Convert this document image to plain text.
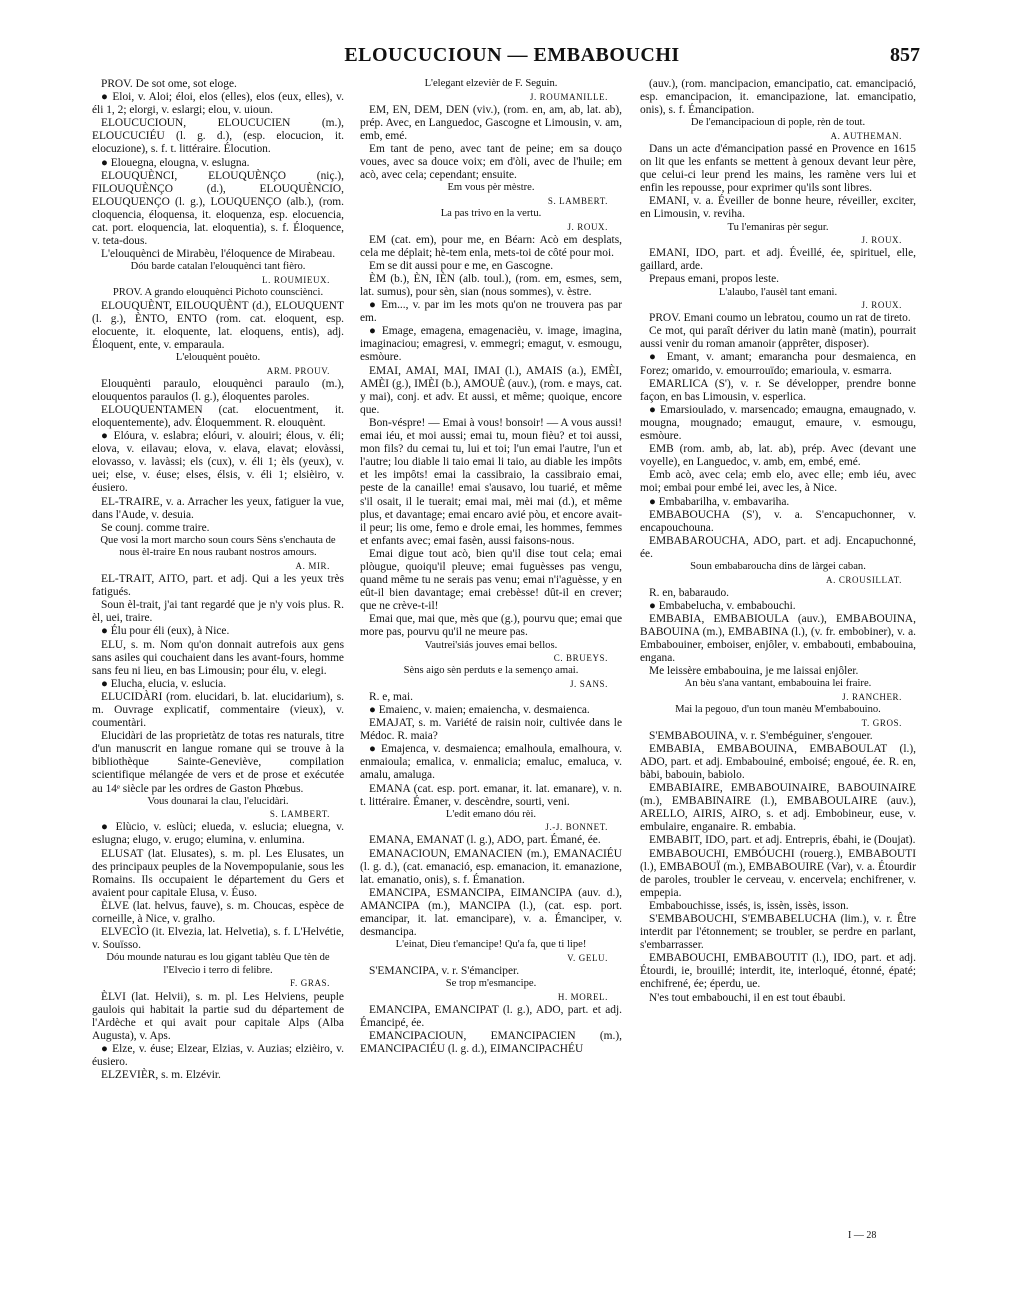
ELOUCUCIOUN — EMBABOUCHI	857

PROV. De sot ome, sot eloge.

● Eloi, v. Aloi; éloi, elos (elles), elos (eux, elles), v. éli 1, 2; elorgi, v. eslargi; elou, v. uioun.

ELOUCUCIOUN, ELOUCUCIEN (m.), ELOUCUCIÉU (l. g. d.), (esp. elocucion, it. elocuzione), s. f. t. littéraire. Élocution.

● Elouegna, elougna, v. eslugna.

ELOUQUÈNCI, ELOUQUÈNÇO (niç.), FILOUQUÈNÇO (d.), ELOUQUÈNCIO, ELOUQUENÇO (l. g.), LOUQUENÇO (alb.), (rom. cloquencia, éloquensa, it. eloquenza, esp. elocuencia, cat. port. eloquencia, lat. eloquentia), s. f. Éloquence, v. teta-dous.

L'elouquènci de Mirabèu, l'éloquence de Mirabeau.

Dóu barde catalan l'elouquènci tant fièro.

L. ROUMIEUX.

PROV. A grando elouquènci Pichoto counsciènci.

ELOUQUÈNT, EILOUQUÈNT (d.), ELOUQUENT (l. g.), ÈNTO, ENTO (rom. cat. eloquent, esp. elocuente, it. eloquente, lat. eloquens, entis), adj. Éloquent, ente, v. emparaula.

L'elouquènt pouèto.

ARM. PROUV.

Elouquènti paraulo, elouquènci paraulo (m.), elouquentos paraulos (l. g.), éloquentes paroles.

ELOUQUENTAMEN (cat. elocuentment, it. eloquentemente), adv. Éloquemment. R. elouquènt.

● Elóura, v. eslabra; elóuri, v. alouiri; élous, v. éli; elova, v. eilavau; elova, v. elava, elavat; elovàssi, elovasso, v. lavàssi; els (cux), v. éli 1; èls (yeux), v. uei; else, v. éuse; elses, élsis, v. éli 1; elsièiro, v. éusiero.

EL-TRAIRE, v. a. Arracher les yeux, fatiguer la vue, dans l'Aude, v. desuia.

Se counj. comme traire.

Que vosi la mort marcho soun cours Sèns s'enchauta de nous èl-traire En nous raubant nostros amours.

A. MIR.

EL-TRAIT, AITO, part. et adj. Qui a les yeux très fatigués.

Soun èl-trait, j'ai tant regardé que je n'y vois plus. R. èl, uei, traire.

● Élu pour éli (eux), à Nice.

ELU, s. m. Nom qu'on donnait autrefois aux gens sans asiles qui couchaient dans les avant-fours, homme sans feu ni lieu, en bas Limousin; pour élu, v. elegi.

● Elucha, elucia, v. esluciа.

ELUCIDÀRI (rom. elucidari, b. lat. elucidarium), s. m. Ouvrage explicatif, commentaire (vieux), v. coumentàri.

Elucidàri de las proprietàtz de totas res naturals, titre d'un manuscrit en langue romane qui se trouve à la bibliothèque Sainte-Geneviève, compilation scientifique mélangée de vers et de prose et exécutée au 14ᵉ siècle par les ordres de Gaston Phœbus.

Vous dounarai la clau, l'elucidàri.

S. LAMBERT.

● Elùcio, v. eslùci; elueda, v. esluciа; eluegna, v. eslugna; elugo, v. erugo; elumina, v. enlumina.

ELUSAT (lat. Elusates), s. m. pl. Les Elusates, un des principaux peuples de la Novempopulanie, sous les Romains. Ils occupaient le département du Gers et avaient pour capitale Elusa, v. Éuso.

ÈLVE (lat. helvus, fauve), s. m. Choucas, espèce de corneille, à Nice, v. gralho.

ELVECÌO (it. Elvezia, lat. Helvetia), s. f. L'Helvétie, v. Souïsso.

Dóu mounde naturau es lou gigant tablèu Que tèn de l'Elvecìo i terro di felibre.

F. GRAS.

ÈLVI (lat. Helvii), s. m. pl. Les Helviens, peuple gaulois qui habitait la partie sud du département de l'Ardèche et qui avait pour capitale Alps (Alba Augusta), v. Aps.

● Elze, v. éuse; Elzear, Elzias, v. Auzias; elzièiro, v. éusiero.

ELZEVIÈR, s. m. Elzévir.

L'elegant elzevièr de F. Seguin.

J. ROUMANILLE.

EM, EN, DEM, DEN (viv.), (rom. en, am, ab, lat. ab), prép. Avec, en Languedoc, Gascogne et Limousin, v. am, emb, emé.

Em tant de peno, avec tant de peine; em sa douço voues, avec sa douce voix; em d'òli, avec de l'huile; em acò, avec cela; cependant; ensuite.

Em vous pèr mèstre.

S. LAMBERT.

La pas trivo en la vertu.

J. ROUX.

EM (cat. em), pour me, en Béarn: Acò em desplats, cela me déplait; hè-tem enla, mets-toi de côté pour moi.

Em se dit aussi pour e me, en Gascogne.

ÈM (b.), ÈN, IÈN (alb. toul.), (rom. em, esmes, sem, lat. sumus), pour sèn, sian (nous sommes), v. èstre.

● Em..., v. par im les mots qu'on ne trouvera pas par em.

● Emage, emagena, emagenacièu, v. image, imagina, imaginaciou; emagresi, v. emmegri; emagut, v. esmougu, esmòure.

EMAI, AMAI, MAI, IMAI (l.), AMAIS (a.), EMÈI, AMÈI (g.), IMÈI (b.), AMOUÈ (auv.), (rom. e mays, cat. y mai), conj. et adv. Et aussi, et même; quoique, encore que.

Bon-véspre! — Emai à vous! bonsoir! — A vous aussi! emai iéu, et moi aussi; emai tu, moun fièu? et toi aussi, mon fils? du cemai tu, lui et toi; l'un emai l'autre, l'un et l'autre; lou diable li taio emai li taio, au diable les impôts et les impôts! emai la cassibraio, la cassibraio emai, peste de la canaille! emai s'ausavo, lou tuarié, et même s'il osait, il le tuerait; emai mai, mèi mai (d.), et même plus, et davantage; emai encaro avié pòu, et encore avait-il peur; lis ome, femo e drole emai, les hommes, femmes et enfants avec; emai fasèn, aussi faisons-nous.

Emai digue tout acò, bien qu'il dise tout cela; emai plòugue, quoiqu'il pleuve; emai fuguèsses pas vengu, quand même tu ne serais pas venu; emai n'i'aguèsse, y en eût-il bien davantage; emai crebèsse! dût-il en crever; que ne crève-t-il!

Emai que, mai que, mès que (g.), pourvu que; emai que more pas, pourvu qu'il ne meure pas.

Vautrei'siás jouves emai bellos.

C. BRUEYS.

Sèns aigo sèn perduts e la semenço amai.

J. SANS.

R. e, mai.

● Emaienc, v. maien; emaiencha, v. desmaienca.

EMAJAT, s. m. Variété de raisin noir, cultivée dans le Médoc. R. maia?

● Emajenca, v. desmaienca; emalhoula, emalhoura, v. enmaioula; emalica, v. enmalicia; emaluc, emaluca, v. amalu, amaluga.

EMANA (cat. esp. port. emanar, it. lat. emanare), v. n. t. littéraire. Émaner, v. descèndre, sourti, veni.

L'edit emano dóu rèi.

J.-J. BONNET.

EMANA, EMANAT (l. g.), ADO, part. Émané, ée.

EMANACIOUN, EMANACIEN (m.), EMANACIÉU (l. g. d.), (cat. emanació, esp. emanacion, it. emanazione, lat. emanatio, onis), s. f. Émanation.

EMANCIPA, ESMANCIPA, EIMANCIPA (auv. d.), AMANCIPA (m.), MANCIPA (l.), (cat. esp. port. emancipar, it. lat. emancipare), v. a. Émanciper, v. desmancipa.

L'einat, Dieu t'emancipe! Qu'a fa, que ti lipe!

V. GELU.

S'EMANCIPA, v. r. S'émanciper.

Se trop m'esmancipe.

H. MOREL.

EMANCIPA, EMANCIPAT (l. g.), ADO, part. et adj. Émancipé, ée.

EMANCIPACIOUN, EMANCIPACIEN (m.), EMANCIPACIÉU (l. g. d.), EIMANCIPACHÉU

(auv.), (rom. mancipacion, emancipatio, cat. emancipació, esp. emancipacion, it. emancipazione, lat. emancipatio, onis), s. f. Émancipation.

De l'emancipacioun di pople, rèn de tout.

A. AUTHEMAN.

Dans un acte d'émancipation passé en Provence en 1615 on lit que les enfants se mettent à genoux devant leur père, que celui-ci leur prend les mains, les ramène vers lui et enfin les repousse, pour exprimer qu'ils sont libres.

EMANI, v. a. Éveiller de bonne heure, réveiller, exciter, en Limousin, v. reviha.

Tu l'emaniras pèr segur.

J. ROUX.

EMANI, IDO, part. et adj. Éveillé, ée, spirituel, elle, gaillard, arde.

Prepaus emani, propos leste.

L'alaubo, l'ausèl tant emani.

J. ROUX.

PROV. Emani coumo un lebratou, coumo un rat de tireto.

Ce mot, qui paraît dériver du latin manè (matin), pourrait aussi venir du roman amanoir (apprêter, disposer).

● Emant, v. amant; emarancha pour desmaienca, en Forez; omarido, v. emourrouïdo; emarioula, v. esmarra.

EMARLICA (S'), v. r. Se développer, prendre bonne façon, en bas Limousin, v. esperlica.

● Emarsioulado, v. marsencado; emaugna, emaugnado, v. mougna, mougnado; emaugut, emaure, v. esmougu, esmòure.

EMB (rom. amb, ab, lat. ab), prép. Avec (devant une voyelle), en Languedoc, v. amb, em, embé, emé.

Emb acò, avec cela; emb elo, avec elle; emb iéu, avec moi; embai pour embé lei, avec les, à Nice.

● Embabarilha, v. embavariha.

EMBABOUCHA (S'), v. a. S'encapuchonner, v. encapouchouna.

EMBABAROUCHA, ADO, part. et adj. Encapuchonné, ée.

Soun embabaroucha dins de làrgei caban.

A. CROUSILLAT.

R. en, babaraudo.

● Embabelucha, v. embabouchi.

EMBABIA, EMBABIOULA (auv.), EMBABOUINA, BABOUINA (m.), EMBABINA (l.), (v. fr. embobiner), v. a. Embabouiner, emboiser, enjôler, v. embabouti, embabouina, engana.

Me leissère embabouina, je me laissai enjôler.

An bèu s'ana vantant, embabouina lei fraire.

J. RANCHER.

Mai la pegouo, d'un toun manèu M'embabouino.

T. GROS.

S'EMBABOUINA, v. r. S'embéguiner, s'engouer.

EMBABIA, EMBABOUINA, EMBABOULAT (l.), ADO, part. et adj. Embabouiné, emboisé; engoué, ée. R. en, bàbi, babouin, babiolo.

EMBABIAIRE, EMBABOUINAIRE, BABOUINAIRE (m.), EMBABINAIRE (l.), EMBABOULAIRE (auv.), ARELLO, AIRIS, AIRO, s. et adj. Embobineur, euse, v. embulaire, enganaire. R. embabia.

EMBABIT, IDO, part. et adj. Entrepris, ébahi, ie (Doujat).

EMBABOUCHI, EMBÓUCHI (rouerg.), EMBABOUTI (l.), EMBABOUÏ (m.), EMBABOUIRE (Var), v. a. Étourdir de paroles, troubler le cerveau, v. encervela; enchifrener, v. empepia.

Embabouchisse, issés, is, issèn, issès, isson.

S'EMBABOUCHI, S'EMBABELUCHA (lim.), v. r. Être interdit par l'étonnement; se troubler, se perdre en parlant, s'embarrasser.

EMBABOUCHI, EMBABOUTIT (l.), IDO, part. et adj. Étourdi, ie, brouillé; interdit, ite, interloqué, étonné, épaté; enchifrené, ée; éperdu, ue.

N'es tout embabouchi, il en est tout ébaubi.

I — 28
